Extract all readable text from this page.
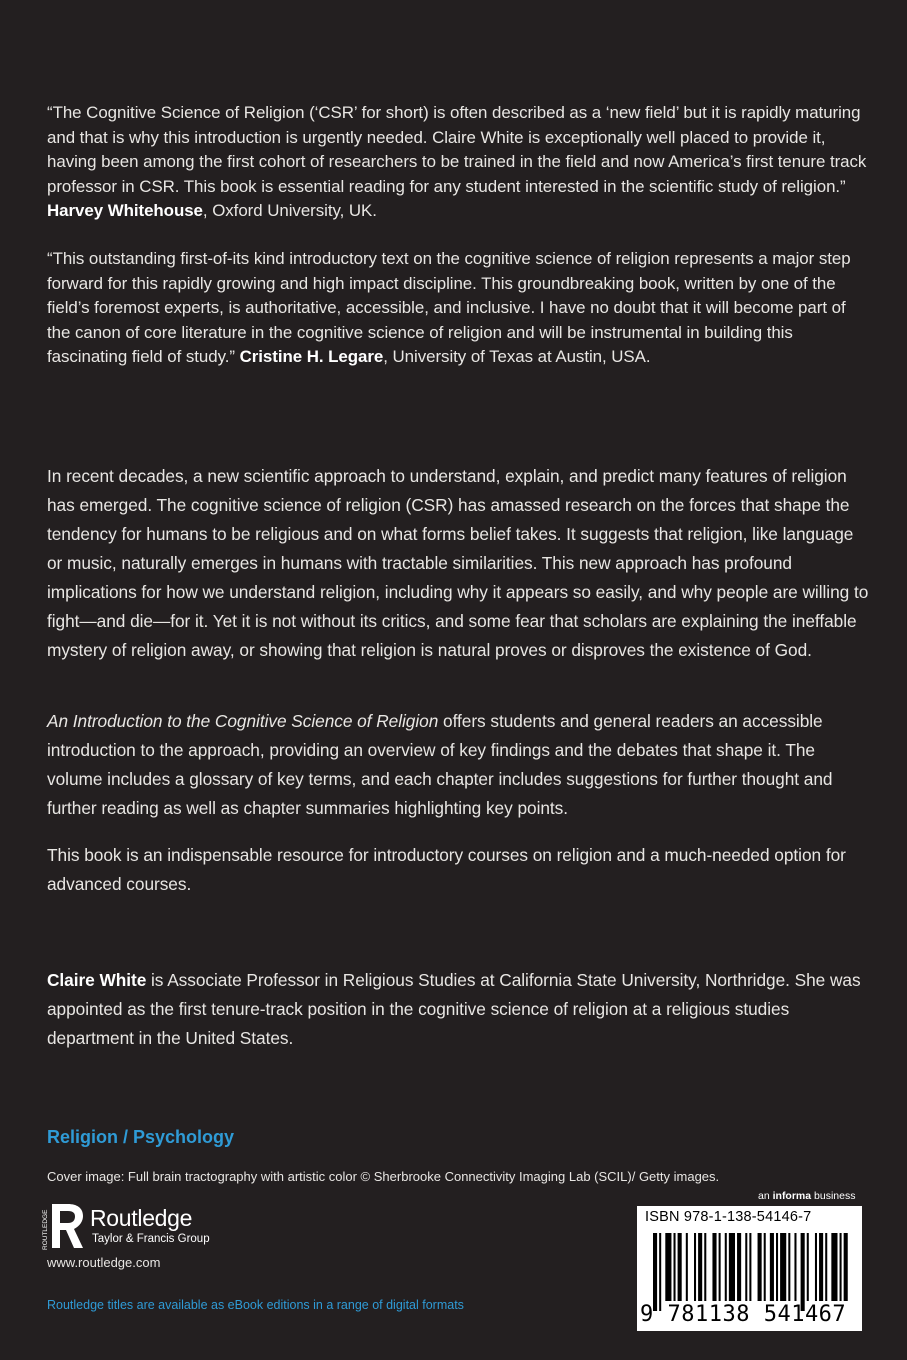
“The Cognitive Science of Religion (‘CSR’ for short) is often described as a ‘new field’ but it is rapidly maturing and that is why this introduction is urgently needed. Claire White is exceptionally well placed to provide it, having been among the first cohort of researchers to be trained in the field and now America’s first tenure track professor in CSR. This book is essential reading for any student interested in the scientific study of religion.” Harvey Whitehouse, Oxford University, UK.

“This outstanding first-of-its kind introductory text on the cognitive science of religion represents a major step forward for this rapidly growing and high impact discipline. This groundbreaking book, written by one of the field’s foremost experts, is authoritative, accessible, and inclusive. I have no doubt that it will become part of the canon of core literature in the cognitive science of religion and will be instrumental in building this fascinating field of study.” Cristine H. Legare, University of Texas at Austin, USA.

In recent decades, a new scientific approach to understand, explain, and predict many features of religion has emerged. The cognitive science of religion (CSR) has amassed research on the forces that shape the tendency for humans to be religious and on what forms belief takes. It suggests that religion, like language or music, naturally emerges in humans with tractable similarities. This new approach has profound implications for how we understand religion, including why it appears so easily, and why people are willing to fight—and die—for it. Yet it is not without its critics, and some fear that scholars are explaining the ineffable mystery of religion away, or showing that religion is natural proves or disproves the existence of God.

An Introduction to the Cognitive Science of Religion offers students and general readers an accessible introduction to the approach, providing an overview of key findings and the debates that shape it. The volume includes a glossary of key terms, and each chapter includes suggestions for further thought and further reading as well as chapter summaries highlighting key points.

This book is an indispensable resource for introductory courses on religion and a much-needed option for advanced courses.

Claire White is Associate Professor in Religious Studies at California State University, Northridge. She was appointed as the first tenure-track position in the cognitive science of religion at a religious studies department in the United States.

Religion / Psychology
Cover image: Full brain tractography with artistic color © Sherbrooke Connectivity Imaging Lab (SCIL)/ Getty images.
an informa business
ROUTLEDGE Routledge
Taylor & Francis Group
www.routledge.com
Routledge titles are available as eBook editions in a range of digital formats
ISBN 978-1-138-54146-7
9 781138 541467
